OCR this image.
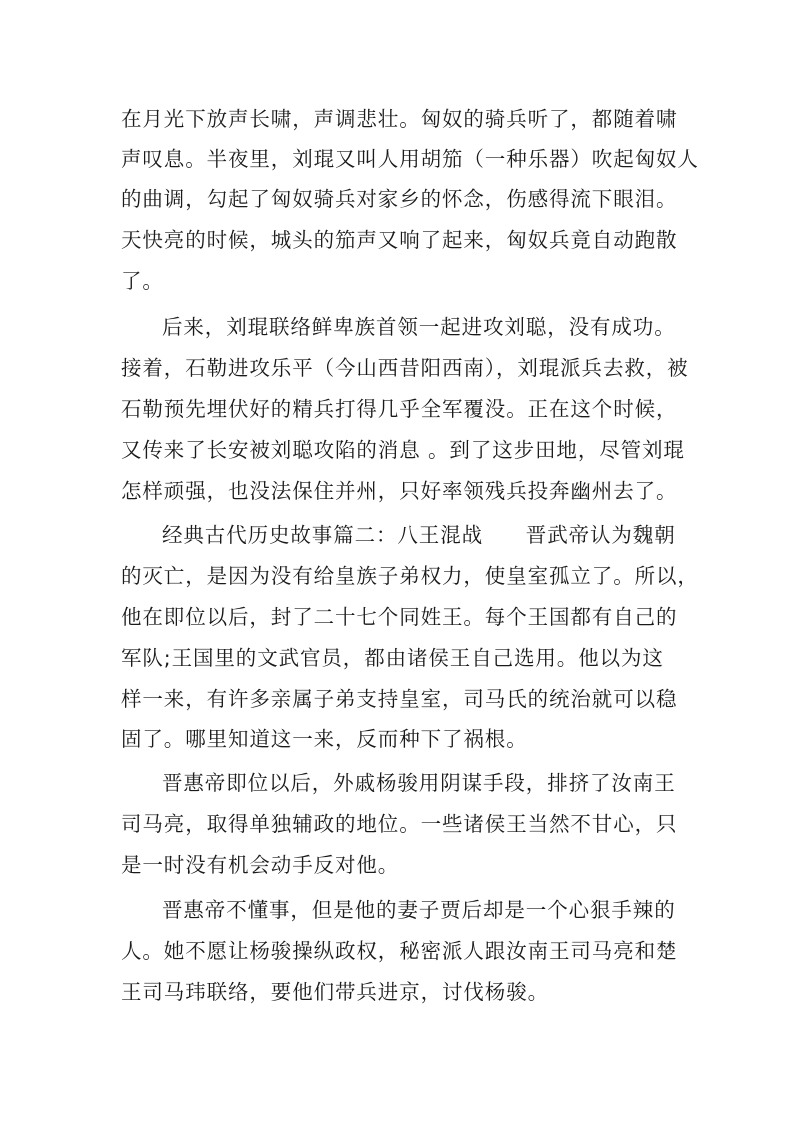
在月光下放声长啸，声调悲壮。匈奴的骑兵听了，都随着啸
声叹息。半夜里，刘琨又叫人用胡笳（一种乐器）吹起匈奴人
的曲调，勾起了匈奴骑兵对家乡的怀念，伤感得流下眼泪。
天快亮的时候，城头的笳声又响了起来，匈奴兵竟自动跑散
了。
后来，刘琨联络鲜卑族首领一起进攻刘聪，没有成功。
接着，石勒进攻乐平（今山西昔阳西南），刘琨派兵去救，被
石勒预先埋伏好的精兵打得几乎全军覆没。正在这个时候，
又传来了长安被刘聪攻陷的消息 。到了这步田地，尽管刘琨
怎样顽强，也没法保住并州，只好率领残兵投奔幽州去了。
经典古代历史故事篇二：八王混战　　晋武帝认为魏朝
的灭亡，是因为没有给皇族子弟权力，使皇室孤立了。所以，
他在即位以后，封了二十七个同姓王。每个王国都有自己的
军队;王国里的文武官员，都由诸侯王自己选用。他以为这
样一来，有许多亲属子弟支持皇室，司马氏的统治就可以稳
固了。哪里知道这一来，反而种下了祸根。
晋惠帝即位以后，外戚杨骏用阴谋手段，排挤了汝南王
司马亮，取得单独辅政的地位。一些诸侯王当然不甘心，只
是一时没有机会动手反对他。
晋惠帝不懂事，但是他的妻子贾后却是一个心狠手辣的
人。她不愿让杨骏操纵政权，秘密派人跟汝南王司马亮和楚
王司马玮联络，要他们带兵进京，讨伐杨骏。
